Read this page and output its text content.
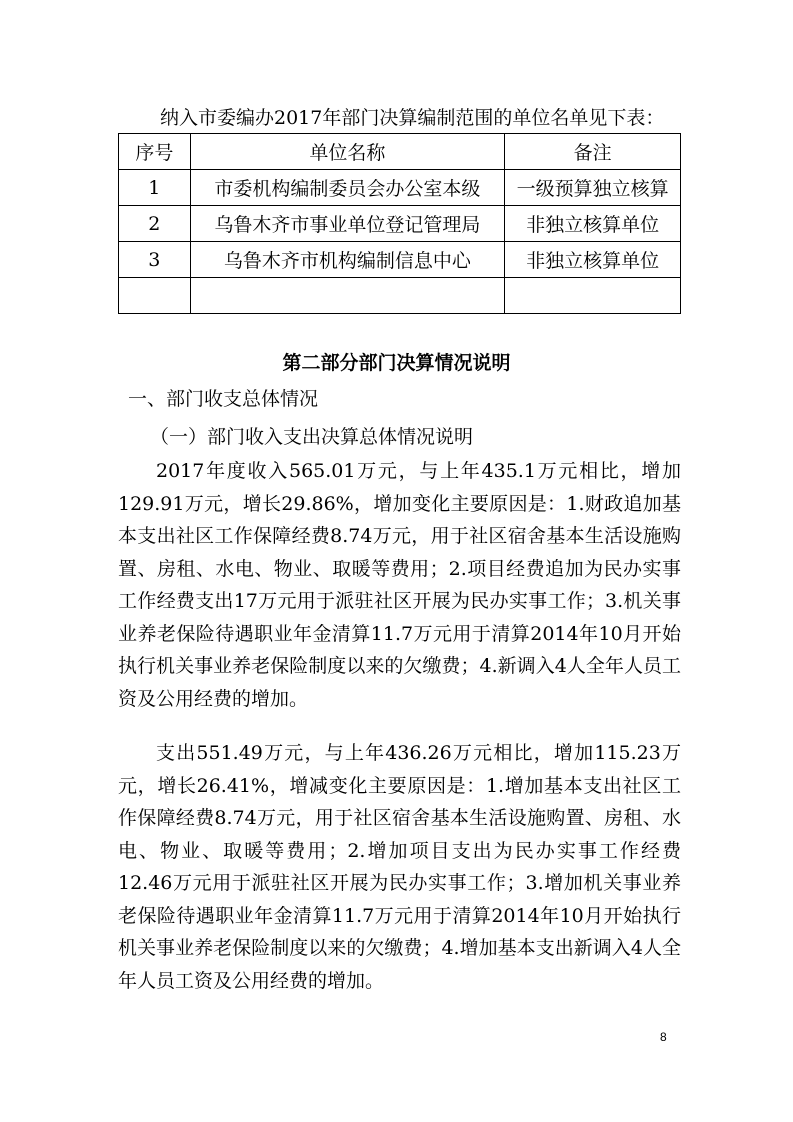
纳入市委编办2017年部门决算编制范围的单位名单见下表：
序号	单位名称	备注
1	市委机构编制委员会办公室本级	一级预算独立核算
2	乌鲁木齐市事业单位登记管理局	非独立核算单位
3	乌鲁木齐市机构编制信息中心	非独立核算单位

第二部分部门决算情况说明
一、部门收支总体情况
（一）部门收入支出决算总体情况说明

2017年度收入565.01万元，与上年435.1万元相比，增加129.91万元，增长29.86%，增加变化主要原因是：1.财政追加基本支出社区工作保障经费8.74万元，用于社区宿舍基本生活设施购置、房租、水电、物业、取暖等费用；2.项目经费追加为民办实事工作经费支出17万元用于派驻社区开展为民办实事工作；3.机关事业养老保险待遇职业年金清算11.7万元用于清算2014年10月开始执行机关事业养老保险制度以来的欠缴费；4.新调入4人全年人员工资及公用经费的增加。

支出551.49万元，与上年436.26万元相比，增加115.23万元，增长26.41%，增减变化主要原因是：1.增加基本支出社区工作保障经费8.74万元，用于社区宿舍基本生活设施购置、房租、水电、物业、取暖等费用；2.增加项目支出为民办实事工作经费12.46万元用于派驻社区开展为民办实事工作；3.增加机关事业养老保险待遇职业年金清算11.7万元用于清算2014年10月开始执行机关事业养老保险制度以来的欠缴费；4.增加基本支出新调入4人全年人员工资及公用经费的增加。

8
